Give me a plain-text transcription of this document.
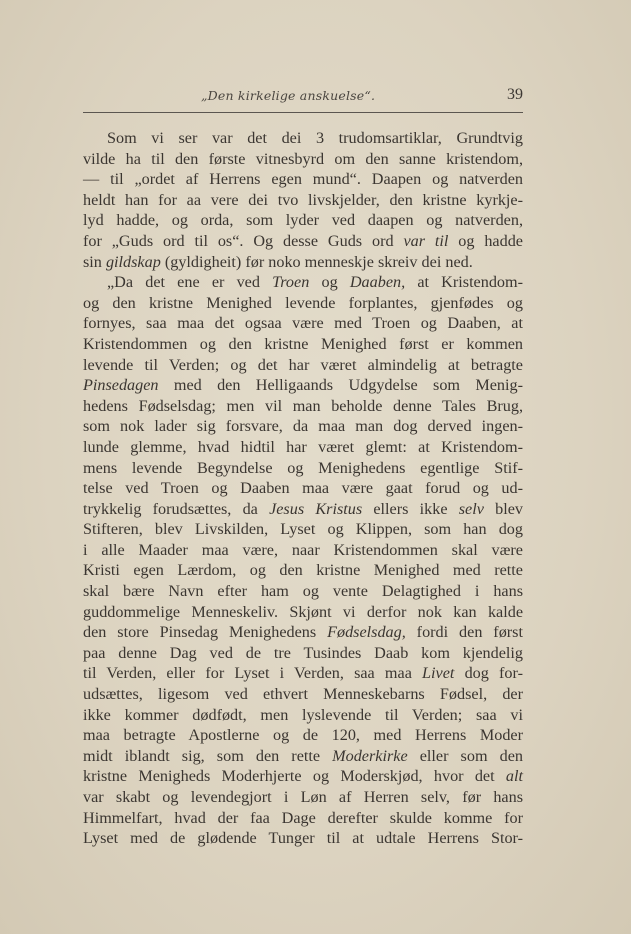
„Den kirkelige anskuelse“.	39
Som vi ser var det dei 3 trudomsartiklar, Grundtvig
vilde ha til den første vitnesbyrd om den sanne kristendom,
— til „ordet af Herrens egen mund“. Daapen og natverden
heldt han for aa vere dei tvo livskjelder, den kristne kyrkje-
lyd hadde, og orda, som lyder ved daapen og natverden,
for „Guds ord til os“. Og desse Guds ord var til og hadde
sin gildskap (gyldigheit) før noko menneskje skreiv dei ned.
„Da det ene er ved Troen og Daaben, at Kristendom-
og den kristne Menighed levende forplantes, gjenfødes og
fornyes, saa maa det ogsaa være med Troen og Daaben, at
Kristendommen og den kristne Menighed først er kommen
levende til Verden; og det har været almindelig at betragte
Pinsedagen med den Helligaands Udgydelse som Menig-
hedens Fødselsdag; men vil man beholde denne Tales Brug,
som nok lader sig forsvare, da maa man dog derved ingen-
lunde glemme, hvad hidtil har været glemt: at Kristendom-
mens levende Begyndelse og Menighedens egentlige Stif-
telse ved Troen og Daaben maa være gaat forud og ud-
trykkelig forudsættes, da Jesus Kristus ellers ikke selv blev
Stifteren, blev Livskilden, Lyset og Klippen, som han dog
i alle Maader maa være, naar Kristendommen skal være
Kristi egen Lærdom, og den kristne Menighed med rette
skal bære Navn efter ham og vente Delagtighed i hans
guddommelige Menneskeliv. Skjønt vi derfor nok kan kalde
den store Pinsedag Menighedens Fødselsdag, fordi den først
paa denne Dag ved de tre Tusindes Daab kom kjendelig
til Verden, eller for Lyset i Verden, saa maa Livet dog for-
udsættes, ligesom ved ethvert Menneskebarns Fødsel, der
ikke kommer dødfødt, men lyslevende til Verden; saa vi
maa betragte Apostlerne og de 120, med Herrens Moder
midt iblandt sig, som den rette Moderkirke eller som den
kristne Menigheds Moderhjerte og Moderskjød, hvor det alt
var skabt og levendegjort i Løn af Herren selv, før hans
Himmelfart, hvad der faa Dage derefter skulde komme for
Lyset med de glødende Tunger til at udtale Herrens Stor-
